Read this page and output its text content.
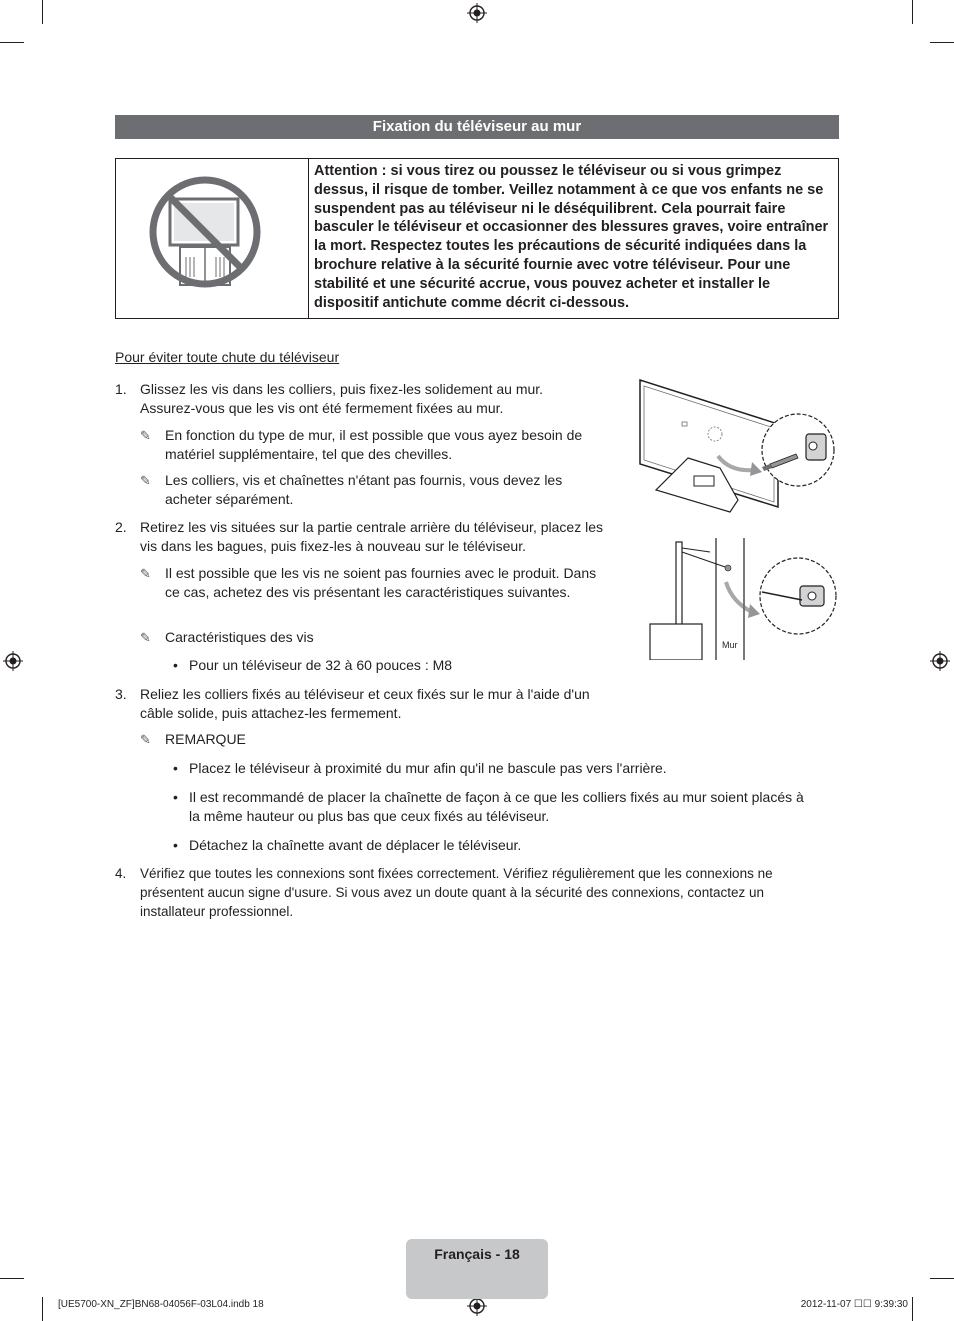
Fixation du téléviseur au mur
Attention : si vous tirez ou poussez le téléviseur ou si vous grimpez dessus, il risque de tomber. Veillez notamment à ce que vos enfants ne se suspendent pas au téléviseur ni le déséquilibrent. Cela pourrait faire basculer le téléviseur et occasionner des blessures graves, voire entraîner la mort. Respectez toutes les précautions de sécurité indiquées dans la brochure relative à la sécurité fournie avec votre téléviseur. Pour une stabilité et une sécurité accrue, vous pouvez acheter et installer le dispositif antichute comme décrit ci-dessous.
Pour éviter toute chute du téléviseur
1. Glissez les vis dans les colliers, puis fixez-les solidement au mur. Assurez-vous que les vis ont été fermement fixées au mur.
✎ En fonction du type de mur, il est possible que vous ayez besoin de matériel supplémentaire, tel que des chevilles.
✎ Les colliers, vis et chaînettes n'étant pas fournis, vous devez les acheter séparément.
2. Retirez les vis situées sur la partie centrale arrière du téléviseur, placez les vis dans les bagues, puis fixez-les à nouveau sur le téléviseur.
✎ Il est possible que les vis ne soient pas fournies avec le produit. Dans ce cas, achetez des vis présentant les caractéristiques suivantes.
✎ Caractéristiques des vis
• Pour un téléviseur de 32 à 60 pouces : M8
3. Reliez les colliers fixés au téléviseur et ceux fixés sur le mur à l'aide d'un câble solide, puis attachez-les fermement.
✎ REMARQUE
• Placez le téléviseur à proximité du mur afin qu'il ne bascule pas vers l'arrière.
• Il est recommandé de placer la chaînette de façon à ce que les colliers fixés au mur soient placés à la même hauteur ou plus bas que ceux fixés au téléviseur.
• Détachez la chaînette avant de déplacer le téléviseur.
4. Vérifiez que toutes les connexions sont fixées correctement. Vérifiez régulièrement que les connexions ne présentent aucun signe d'usure. Si vous avez un doute quant à la sécurité des connexions, contactez un installateur professionnel.
Mur
Français - 18
[UE5700-XN_ZF]BN68-04056F-03L04.indb 18	2012-11-07 ☐☐ 9:39:30
